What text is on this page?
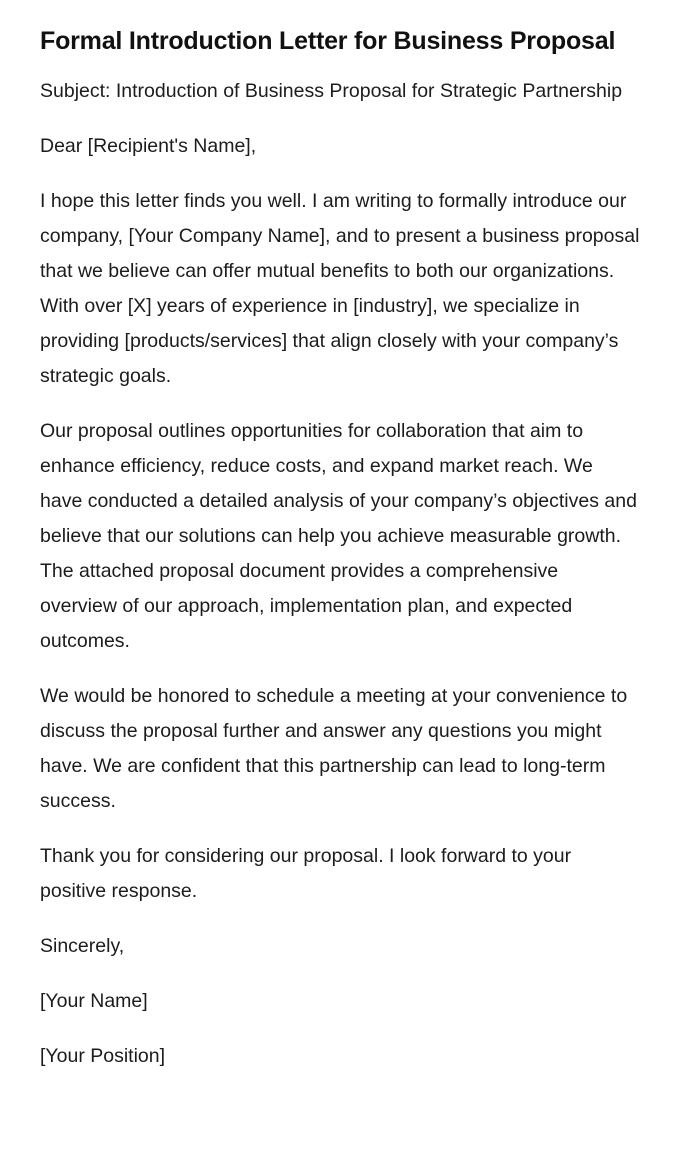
Formal Introduction Letter for Business Proposal

Subject: Introduction of Business Proposal for Strategic Partnership

Dear [Recipient's Name],

I hope this letter finds you well. I am writing to formally introduce our company, [Your Company Name], and to present a business proposal that we believe can offer mutual benefits to both our organizations. With over [X] years of experience in [industry], we specialize in providing [products/services] that align closely with your company’s strategic goals.

Our proposal outlines opportunities for collaboration that aim to enhance efficiency, reduce costs, and expand market reach. We have conducted a detailed analysis of your company’s objectives and believe that our solutions can help you achieve measurable growth. The attached proposal document provides a comprehensive overview of our approach, implementation plan, and expected outcomes.

We would be honored to schedule a meeting at your convenience to discuss the proposal further and answer any questions you might have. We are confident that this partnership can lead to long-term success.

Thank you for considering our proposal. I look forward to your positive response.

Sincerely,

[Your Name]

[Your Position]
